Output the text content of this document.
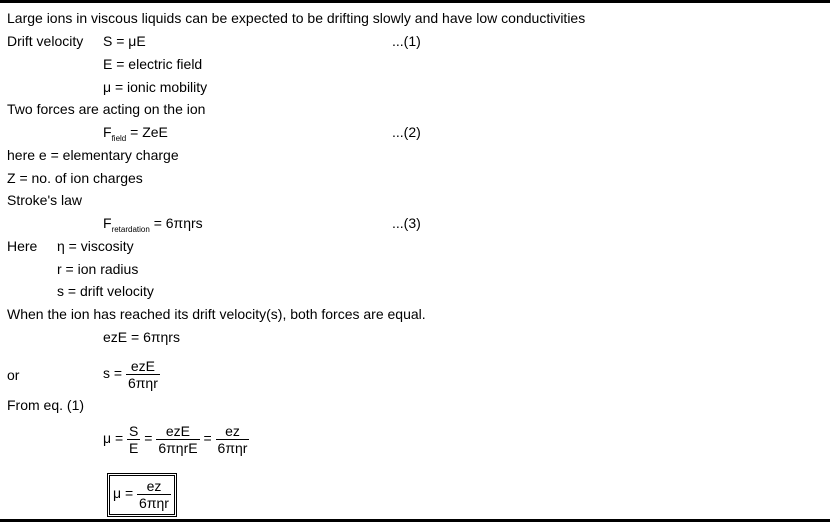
Large ions in viscous liquids can be expected to be drifting slowly and have low conductivities
Drift velocity S = μE	...(1)
E = electric field
μ = ionic mobility
Two forces are acting on the ion
$F_{field}$ = ZeE	...(2)
here e = elementary charge
Z = no. of ion charges
Stroke's law
$F_{retardation} = 6\pi\eta rs$	...(3)
Here η = viscosity
r = ion radius
s = drift velocity
When the ion has reached its drift velocity(s), both forces are equal.
ezE = 6πηrs
or	$s = \frac{\text{ezE}}{\text{6πηr}}$
From eq. (1)
$\mu = \frac{S}{E} = \frac{\text{ezE}}{\text{6πηrE}} = \frac{ez}{\text{6πηr}}$
$\mu = \frac{ez}{\text{6πηr}}$
